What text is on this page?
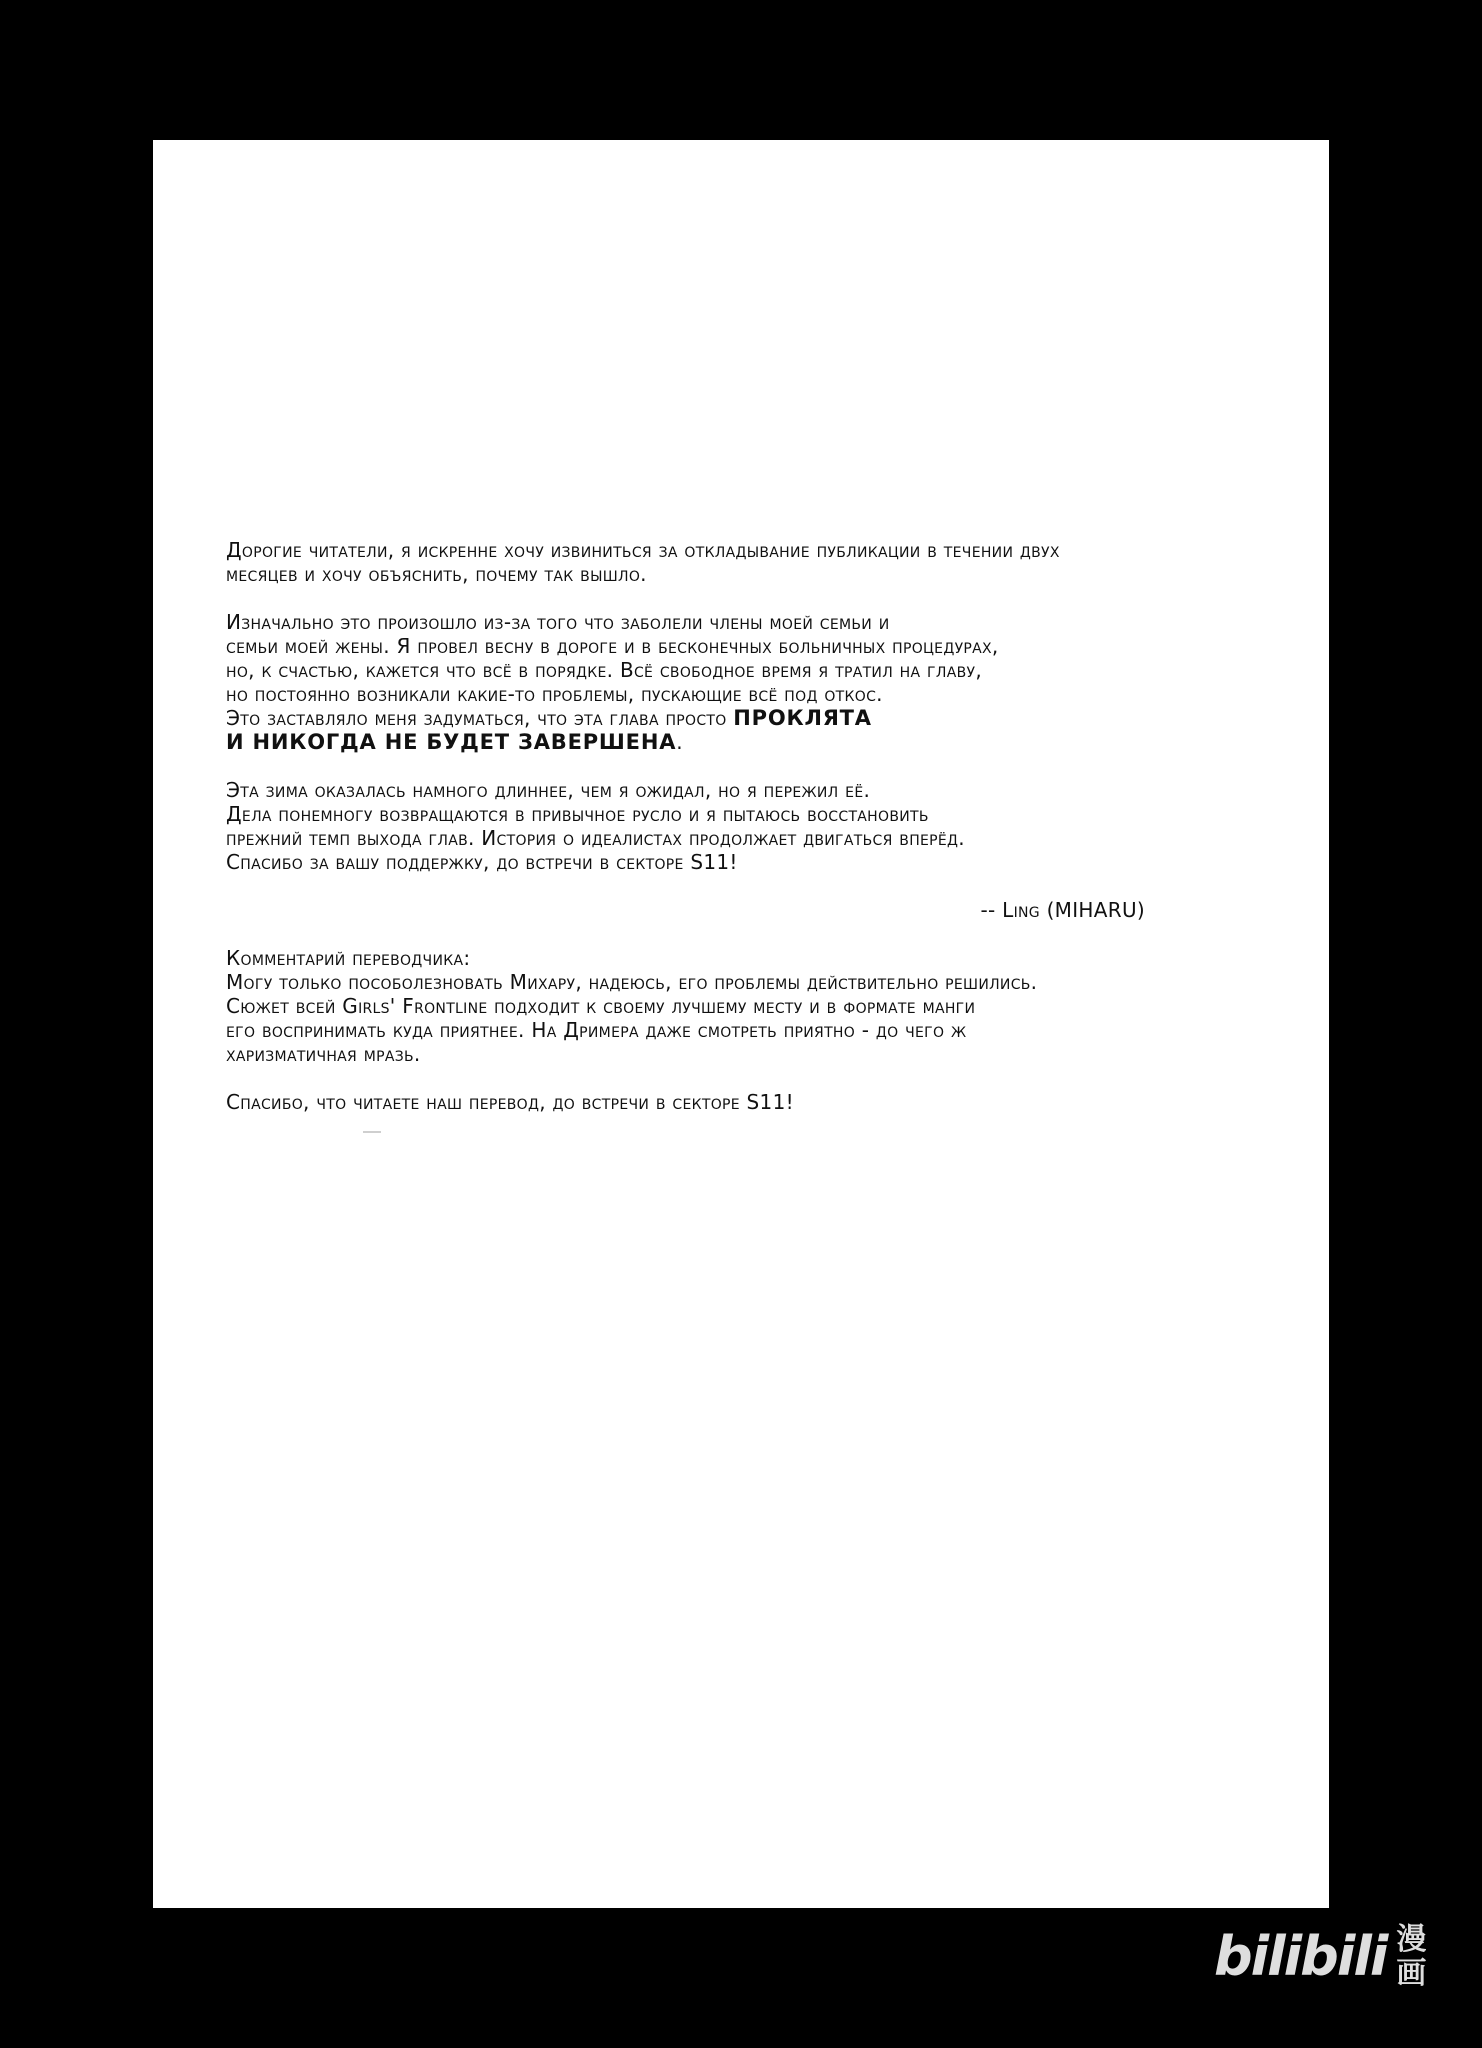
Дорогие читатели, я искренне хочу извиниться за откладывание публикации в течении двух
месяцев и хочу объяснить, почему так вышло.
Изначально это произошло из-за того что заболели члены моей семьи и
семьи моей жены. Я провел весну в дороге и в бесконечных больничных процедурах,
но, к счастью, кажется что всё в порядке. Всё свободное время я тратил на главу,
но постоянно возникали какие-то проблемы, пускающие всё под откос.
Это заставляло меня задуматься, что эта глава просто ПРОКЛЯТА
И НИКОГДА НЕ БУДЕТ ЗАВЕРШЕНА.
Эта зима оказалась намного длиннее, чем я ожидал, но я пережил её.
Дела понемногу возвращаются в привычное русло и я пытаюсь восстановить
прежний темп выхода глав. История о идеалистах продолжает двигаться вперёд.
Спасибо за вашу поддержку, до встречи в секторе S11!
-- Ling (MIHARU)
Комментарий переводчика:
Могу только пособолезновать Михару, надеюсь, его проблемы действительно решились.
Сюжет всей Girls' Frontline подходит к своему лучшему месту и в формате манги
его воспринимать куда приятнее. На Дримера даже смотреть приятно - до чего ж
харизматичная мразь.
Спасибо, что читаете наш перевод, до встречи в секторе S11!
bilibili 漫
画
